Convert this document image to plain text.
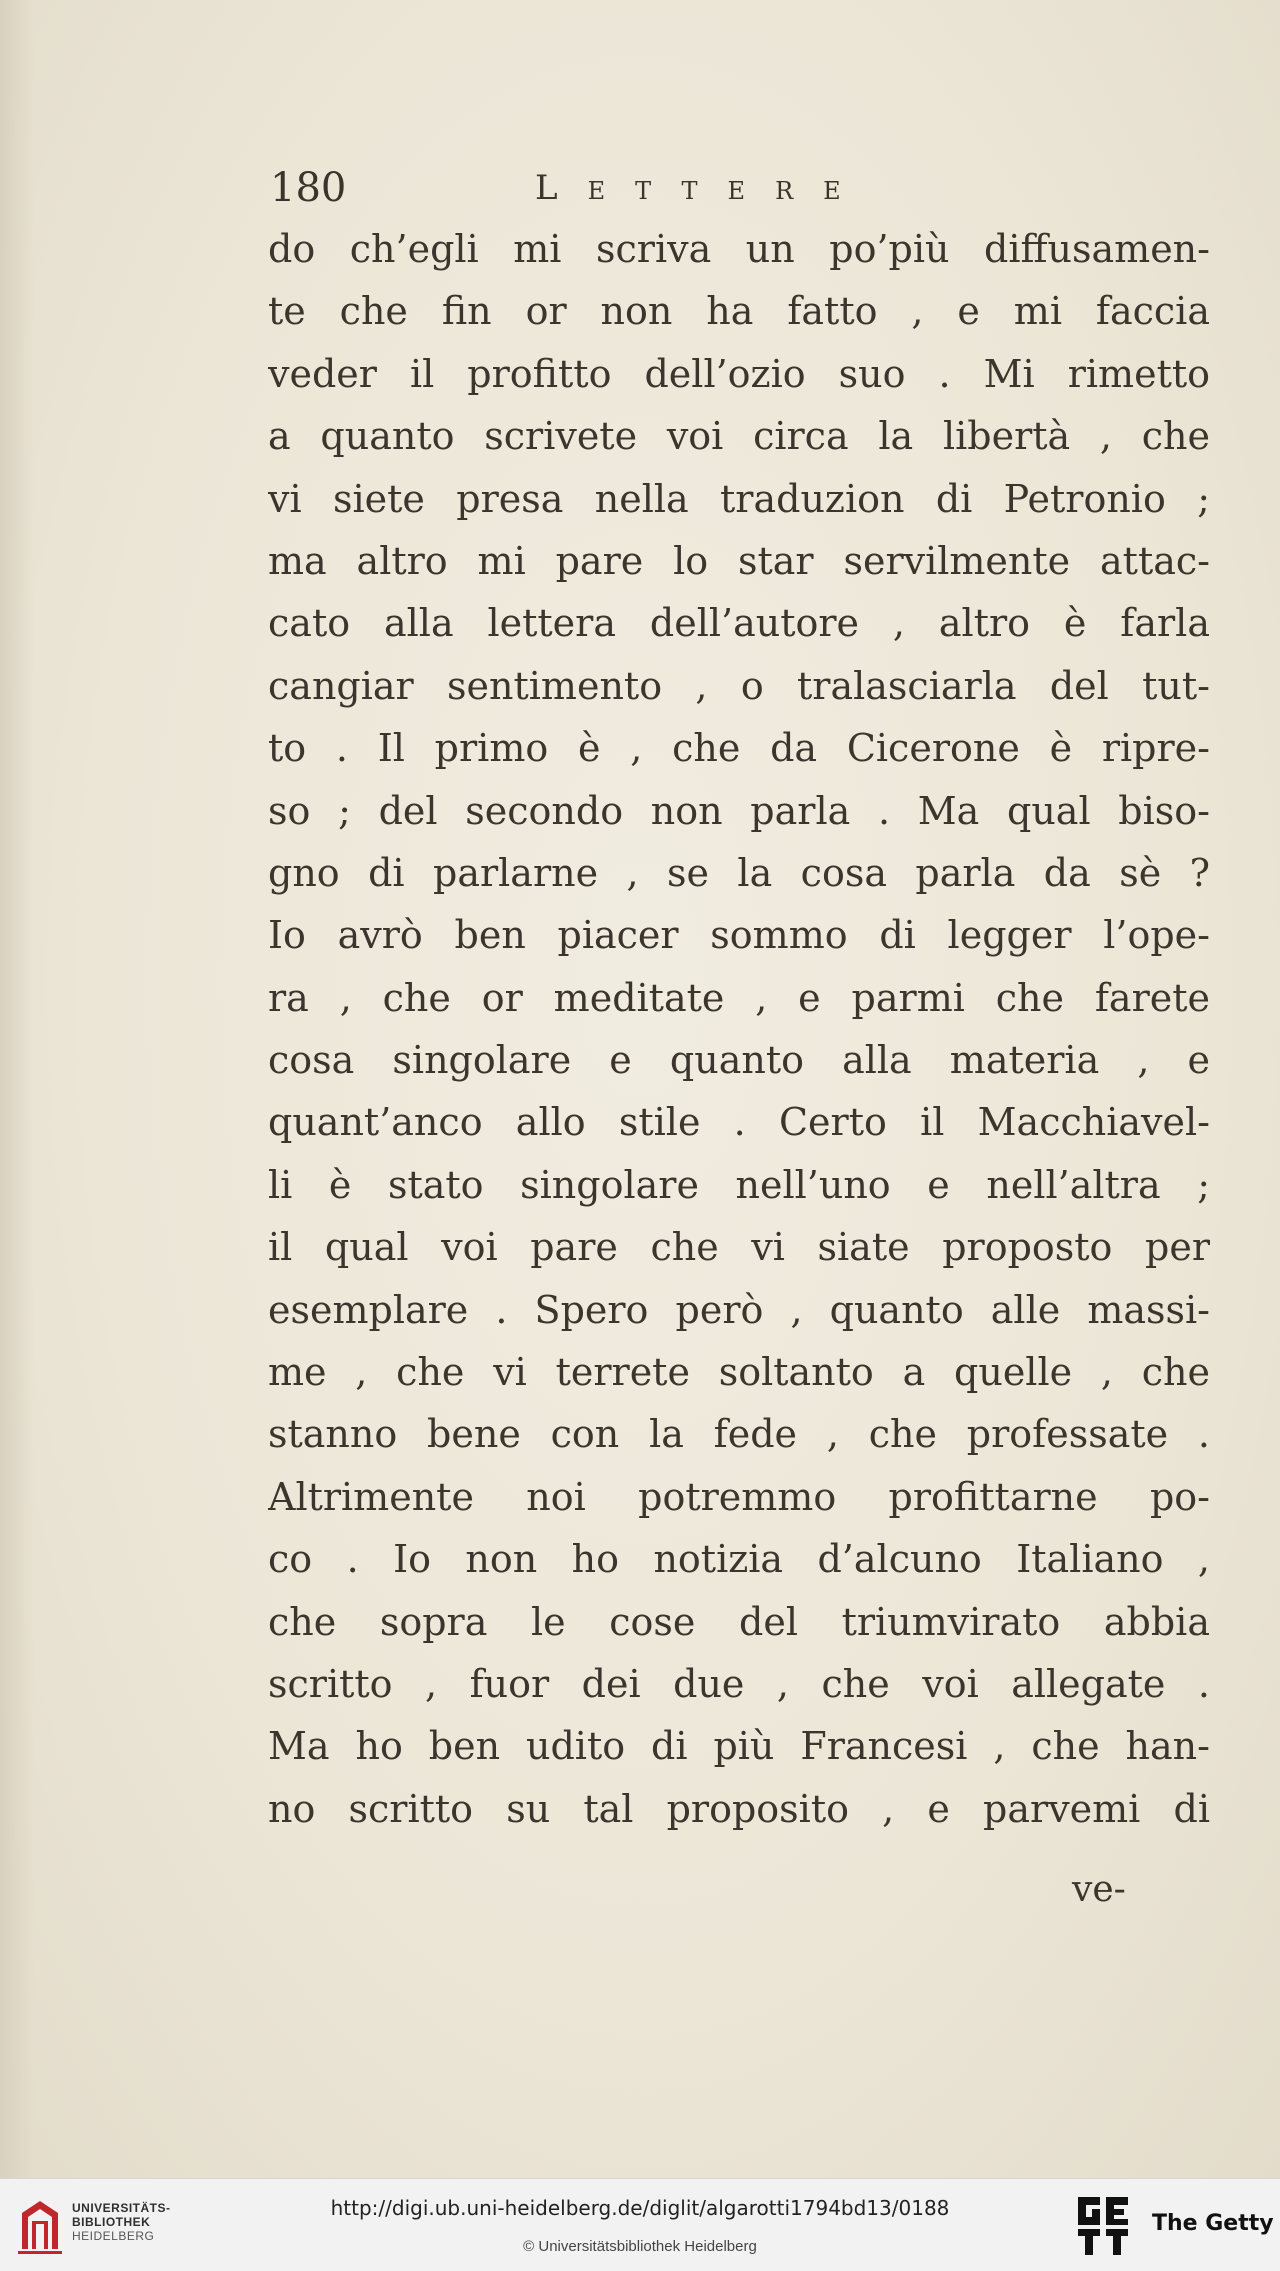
180	Lettere
do ch’egli mi scriva un po’più diffusamen-
te che fin or non ha fatto , e mi faccia
veder il profitto dell’ozio suo . Mi rimetto
a quanto scrivete voi circa la libertà , che
vi siete presa nella traduzion di Petronio ;
ma altro mi pare lo star servilmente attac-
cato alla lettera dell’autore , altro è farla
cangiar sentimento , o tralasciarla del tut-
to . Il primo è , che da Cicerone è ripre-
so ; del secondo non parla . Ma qual biso-
gno di parlarne , se la cosa parla da sè ?
Io avrò ben piacer sommo di legger l’ope-
ra , che or meditate , e parmi che farete
cosa singolare e quanto alla materia , e
quant’anco allo stile . Certo il Macchiavel-
li è stato singolare nell’uno e nell’altra ;
il qual voi pare che vi siate proposto per
esemplare . Spero però , quanto alle massi-
me , che vi terrete soltanto a quelle , che
stanno bene con la fede , che professate .
Altrimente noi potremmo profittarne po-
co . Io non ho notizia d’alcuno Italiano ,
che sopra le cose del triumvirato abbia
scritto , fuor dei due , che voi allegate .
Ma ho ben udito di più Francesi , che han-
no scritto su tal proposito , e parvemi di
ve-
UNIVERSITÄTS-
BIBLIOTHEK
HEIDELBERG
http://digi.ub.uni-heidelberg.de/diglit/algarotti1794bd13/0188
© Universitätsbibliothek Heidelberg
The Getty
